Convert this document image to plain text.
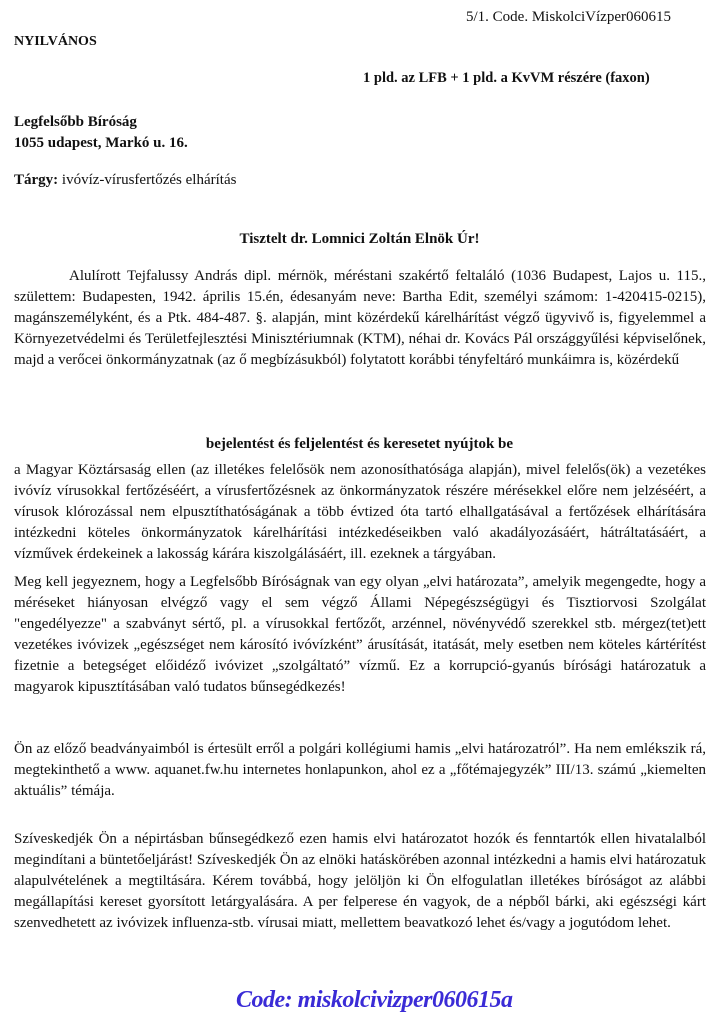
5/1. Code. MiskolciVízper060615
NYILVÁNOS
1 pld. az LFB + 1 pld. a KvVM részére (faxon)
Legfelsőbb Bíróság
1055 udapest, Markó u. 16.
Tárgy: ivóvíz-vírusfertőzés elhárítás
Tisztelt dr. Lomnici Zoltán Elnök Úr!
Alulírott Tejfalussy András dipl. mérnök, méréstani szakértő feltaláló (1036 Budapest, Lajos u. 115., születtem: Budapesten, 1942. április 15.én, édesanyám neve: Bartha Edit, személyi számom: 1-420415-0215), magánszemélyként, és a Ptk. 484-487. §. alapján, mint közérdekű kárelhárítást végző ügyvivő is, figyelemmel a Környezetvédelmi és Területfejlesztési Minisztériumnak (KTM), néhai dr. Kovács Pál országgyűlési képviselőnek, majd a verőcei önkormányzatnak (az ő megbízásukból) folytatott korábbi tényfeltáró munkáimra is, közérdekű
bejelentést és feljelentést és keresetet nyújtok be
a Magyar Köztársaság ellen (az illetékes felelősök nem azonosíthatósága alapján), mivel felelős(ök) a vezetékes ivóvíz vírusokkal fertőzéséért, a vírusfertőzésnek az önkormányzatok részére mérésekkel előre nem jelzéséért, a vírusok klórozással nem elpusztíthatóságának a több évtized óta tartó elhallgatásával a fertőzések elhárítására intézkedni köteles önkormányzatok kárelhárítási intézkedéseikben való akadályozásáért, hátráltatásáért, a vízművek érdekeinek a lakosság kárára kiszolgálásáért, ill. ezeknek a tárgyában.
Meg kell jegyeznem, hogy a Legfelsőbb Bíróságnak van egy olyan „elvi határozata”, amelyik megengedte, hogy a méréseket hiányosan elvégző vagy el sem végző Állami Népegészségügyi és Tisztiorvosi Szolgálat "engedélyezze" a szabványt sértő, pl. a vírusokkal fertőzőt, arzénnel, növényvédő szerekkel stb. mérgez(tet)ett vezetékes ivóvizek „egészséget nem károsító ivóvízként” árusítását, itatását, mely esetben nem köteles kártérítést fizetnie a betegséget előidéző ivóvizet „szolgáltató” vízmű. Ez a korrupció-gyanús bírósági határozatuk a magyarok kipusztításában való tudatos bűnsegédkezés!
Ön az előző beadványaimból is értesült erről a polgári kollégiumi hamis „elvi határozatról”. Ha nem emlékszik rá, megtekinthető a www. aquanet.fw.hu internetes honlapunkon, ahol ez a „főtémajegyzék” III/13. számú „kiemelten aktuális” témája.
Szíveskedjék Ön a népirtásban bűnsegédkező ezen hamis elvi határozatot hozók és fenntartók ellen hivatalalból megindítani a büntetőeljárást! Szíveskedjék Ön az elnöki hatáskörében azonnal intézkedni a hamis elvi határozatuk alapulvételének a megtiltására. Kérem továbbá, hogy jelöljön ki Ön elfogulatlan illetékes bíróságot az alábbi megállapítási kereset gyorsított letárgyalására. A per felperese én vagyok, de a népből bárki, aki egészségi kárt szenvedhetett az ivóvizek influenza-stb. vírusai miatt, mellettem beavatkozó lehet és/vagy a jogutódom lehet.
Code: miskolcivizper060615a
